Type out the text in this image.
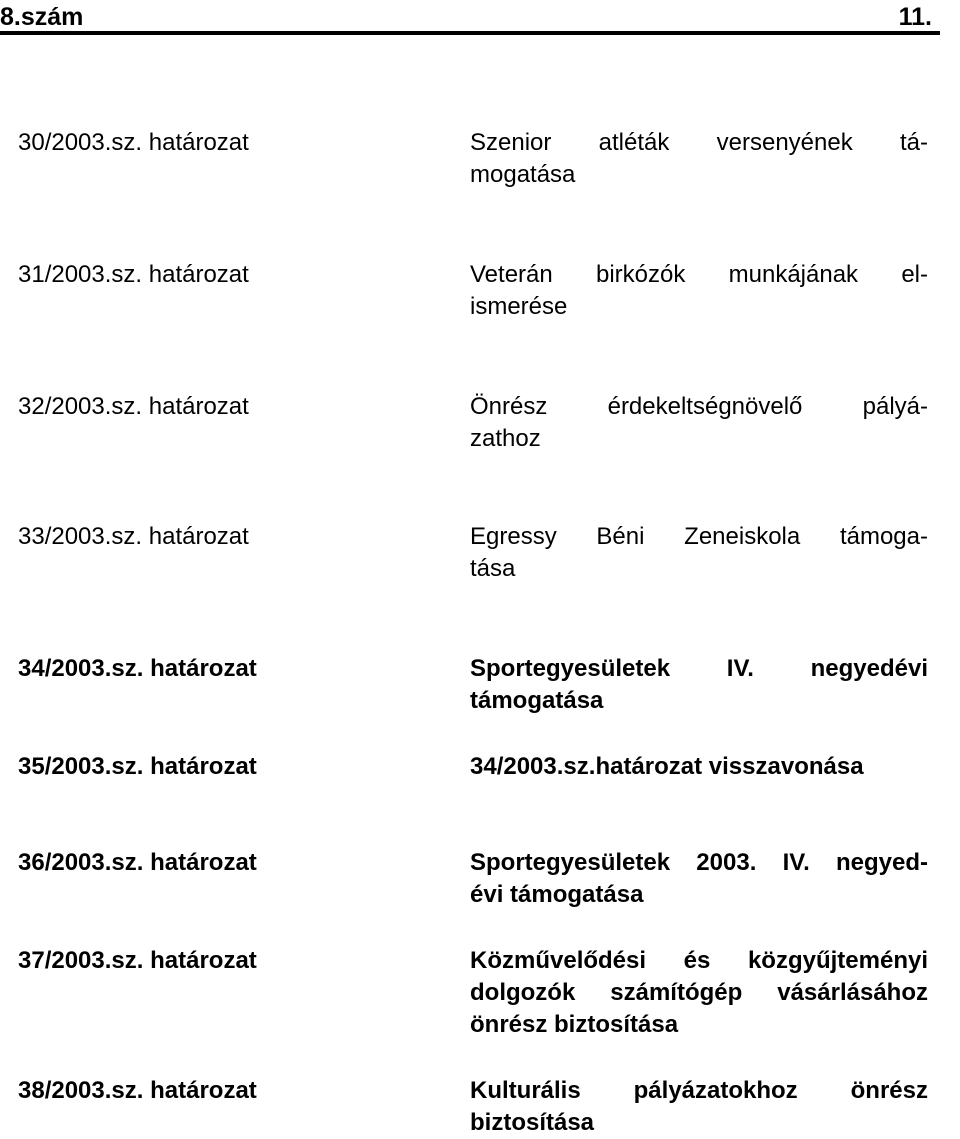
8.szám	11.
30/2003.sz. határozat	Szenior atléták versenyének tá-
mogatása
31/2003.sz. határozat	Veterán birkózók munkájának el-
ismerése
32/2003.sz. határozat	Önrész érdekeltségnövelő pályá-
zathoz
33/2003.sz. határozat	Egressy Béni Zeneiskola támoga-
tása
34/2003.sz. határozat	Sportegyesületek IV. negyedévi
támogatása
35/2003.sz. határozat	34/2003.sz.határozat visszavonása
36/2003.sz. határozat	Sportegyesületek 2003. IV. negyed-
évi támogatása
37/2003.sz. határozat	Közművelődési és közgyűjteményi
dolgozók számítógép vásárlásához
önrész biztosítása
38/2003.sz. határozat	Kulturális pályázatokhoz önrész
biztosítása
